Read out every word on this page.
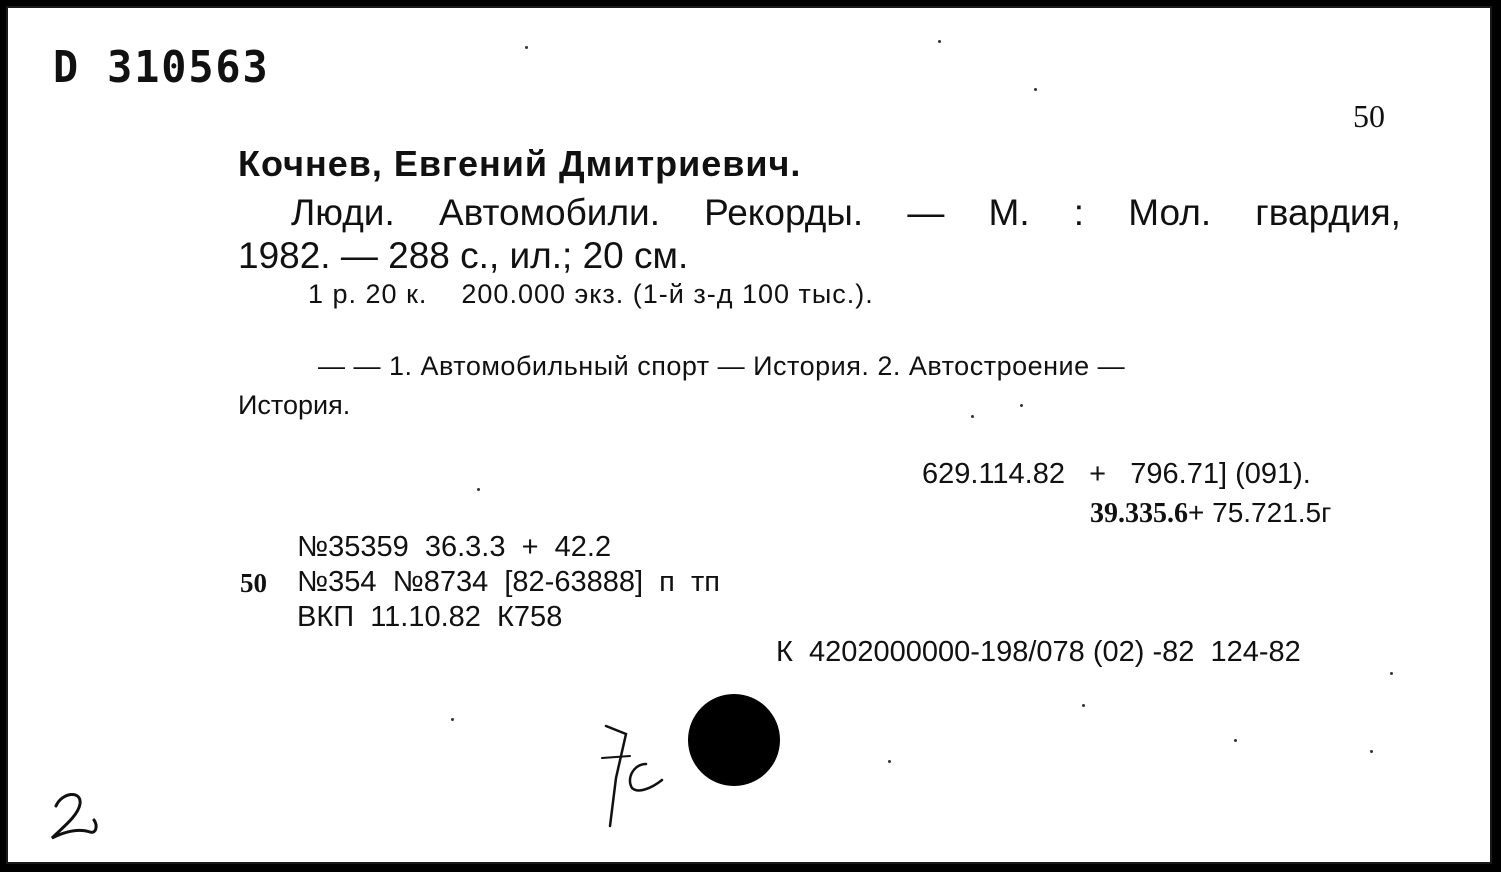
D 310563
50
Кочнев, Евгений Дмитриевич.
Люди. Автомобили. Рекорды. — М. : Мол. гвардия,
1982. — 288 с., ил.; 20 см.
1 р. 20 к.    200.000 экз. (1-й з-д 100 тыс.).
— — 1. Автомобильный спорт — История. 2. Автостроение —
История.
629.114.82   +   796.71] (091).
39.335.6+ 75.721.5г
№35359  36.3.3  +  42.2
50 №354  №8734  [82-63888]  п  тп
ВКП  11.10.82  К758
К  4202000000-198/078 (02) -82  124-82
